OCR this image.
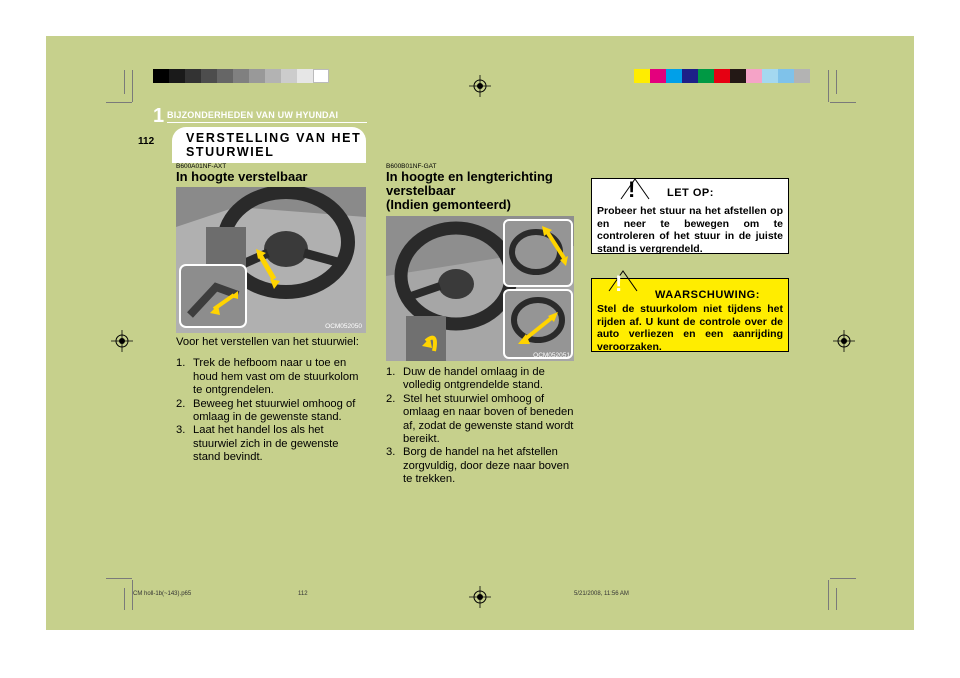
1 BIJZONDERHEDEN VAN UW HYUNDAI
112	VERSTELLING VAN HET STUURWIEL
B600A01NF-AXT
In hoogte verstelbaar
OCM052050

Voor het verstellen van het stuurwiel:

1. Trek de hefboom naar u toe en houd hem vast om de stuurkolom te ontgrendelen.
2. Beweeg het stuurwiel omhoog of omlaag in de gewenste stand.
3. Laat het handel los als het stuurwiel zich in de gewenste stand bevindt.
B600B01NF-GAT
In hoogte en lengterichting
verstelbaar
(Indien gemonteerd)
OCM052051
1. Duw de handel omlaag in de volledig ontgrendelde stand.
2. Stel het stuurwiel omhoog of omlaag en naar boven of beneden af, zodat de gewenste stand wordt bereikt.
3. Borg de handel na het afstellen zorgvuldig, door deze naar boven te trekken.
!	LET OP:
Probeer het stuur na het afstellen op en neer te bewegen om te controleren of het stuur in de juiste stand is vergrendeld.
!	WAARSCHUWING:
Stel de stuurkolom niet tijdens het rijden af. U kunt de controle over de auto verliezen en een aanrijding veroorzaken.
CM holl-1b(~143).p65	112	5/21/2008, 11:56 AM
